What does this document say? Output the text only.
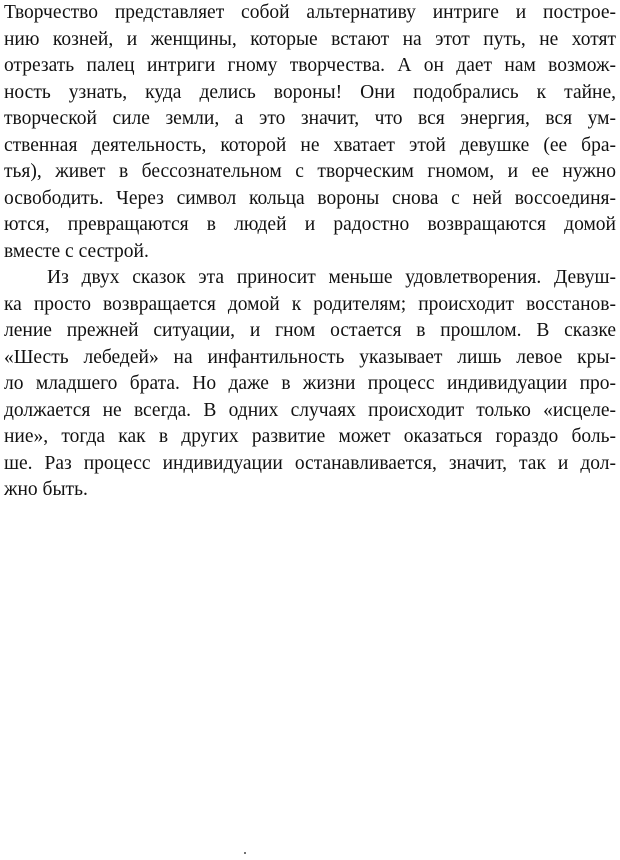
Творчество представляет собой альтернативу интриге и построе-
нию козней, и женщины, которые встают на этот путь, не хотят
отрезать палец интриги гному творчества. А он дает нам возмож-
ность узнать, куда делись вороны! Они подобрались к тайне,
творческой силе земли, а это значит, что вся энергия, вся ум-
ственная деятельность, которой не хватает этой девушке (ее бра-
тья), живет в бессознательном с творческим гномом, и ее нужно
освободить. Через символ кольца вороны снова с ней воссоединя-
ются, превращаются в людей и радостно возвращаются домой
вместе с сестрой.
Из двух сказок эта приносит меньше удовлетворения. Девуш-
ка просто возвращается домой к родителям; происходит восстанов-
ление прежней ситуации, и гном остается в прошлом. В сказке
«Шесть лебедей» на инфантильность указывает лишь левое кры-
ло младшего брата. Но даже в жизни процесс индивидуации про-
должается не всегда. В одних случаях происходит только «исцеле-
ние», тогда как в других развитие может оказаться гораздо боль-
ше. Раз процесс индивидуации останавливается, значит, так и дол-
жно быть.
